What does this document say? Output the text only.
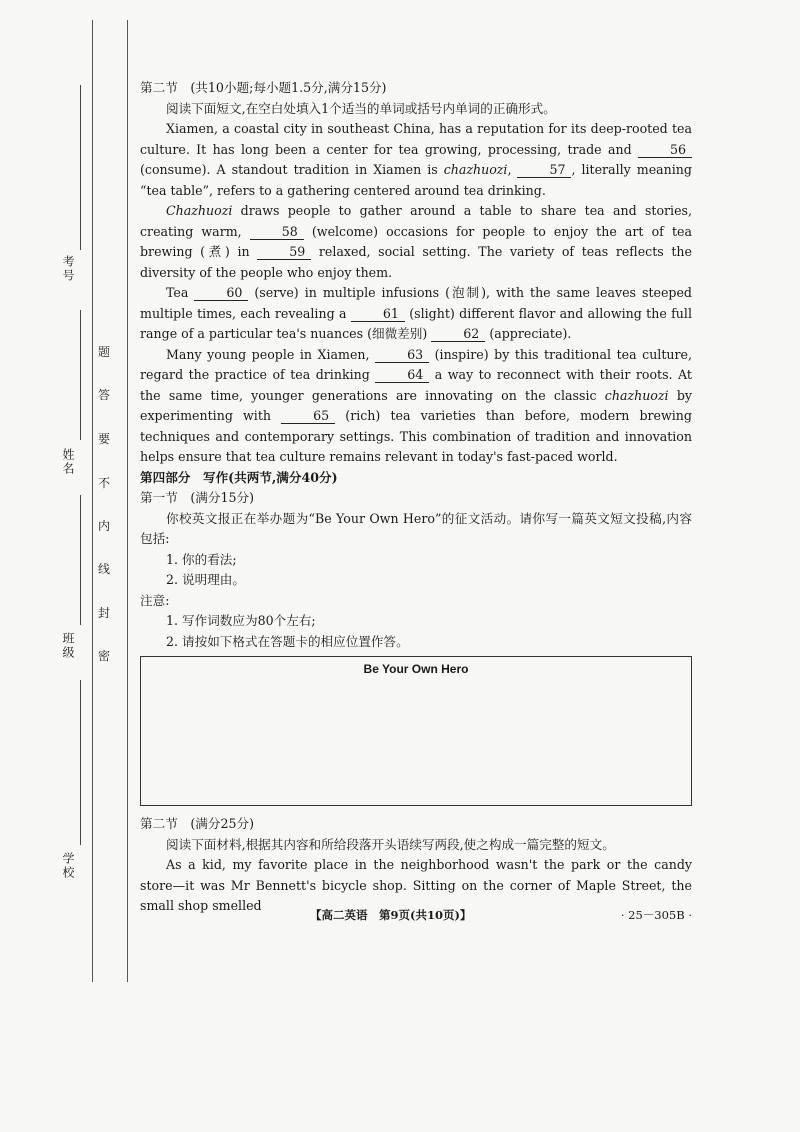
考号
姓名
班级
学校
题
答
要
不
内
线
封
密

第二节　(共10小题;每小题1.5分,满分15分)

阅读下面短文,在空白处填入1个适当的单词或括号内单词的正确形式。

Xiamen, a coastal city in southeast China, has a reputation for its deep-rooted tea culture. It has long been a center for tea growing, processing, trade and	56 (consume). A standout tradition in Xiamen is chazhuozi,	57 , literally meaning “tea table”, refers to a gathering centered around tea drinking.

Chazhuozi draws people to gather around a table to share tea and stories, creating warm,	58 (welcome) occasions for people to enjoy the art of tea brewing (煮) in	59 relaxed, social setting. The variety of teas reflects the diversity of the people who enjoy them.

Tea	60 (serve) in multiple infusions (泡制), with the same leaves steeped multiple times, each revealing a	61 (slight) different flavor and allowing the full range of a particular tea's nuances (细微差别)	62 (appreciate).

Many young people in Xiamen,	63 (inspire) by this traditional tea culture, regard the practice of tea drinking	64 a way to reconnect with their roots. At the same time, younger generations are innovating on the classic chazhuozi by experimenting with	65 (rich) tea varieties than before, modern brewing techniques and contemporary settings. This combination of tradition and innovation helps ensure that tea culture remains relevant in today's fast-paced world.

第四部分　写作(共两节,满分40分)

第一节　(满分15分)

你校英文报正在举办题为“Be Your Own Hero”的征文活动。请你写一篇英文短文投稿,内容包括:

1. 你的看法;

2. 说明理由。

注意:

1. 写作词数应为80个左右;

2. 请按如下格式在答题卡的相应位置作答。

Be Your Own Hero

第二节　(满分25分)

阅读下面材料,根据其内容和所给段落开头语续写两段,使之构成一篇完整的短文。

As a kid, my favorite place in the neighborhood wasn't the park or the candy store—it was Mr Bennett's bicycle shop. Sitting on the corner of Maple Street, the small shop smelled

【高二英语　第9页(共10页)】	· 25－305B ·
